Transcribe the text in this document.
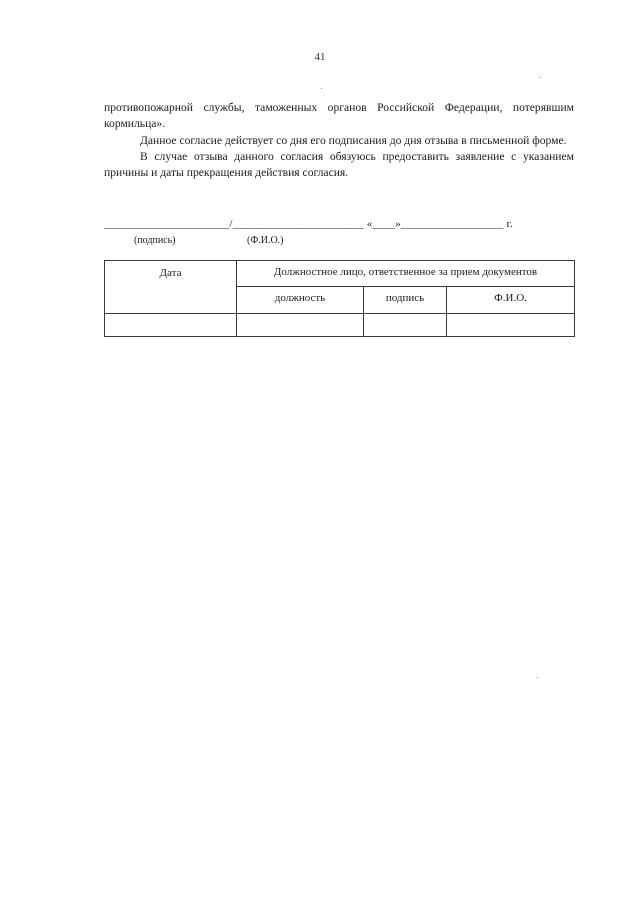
41

противопожарной службы, таможенных органов Российской Федерации, потерявшим кормильца».

Данное согласие действует со дня его подписания до дня отзыва в письменной форме.

В случае отзыва данного согласия обязуюсь предоставить заявление с указанием причины и даты прекращения действия согласия.

______________________/_______________________ «____»__________________ г.
(подпись)	(Ф.И.О.)
Дата	Должностное лицо, ответственное за прием документов		
	должность	подпись	Ф.И.О.
